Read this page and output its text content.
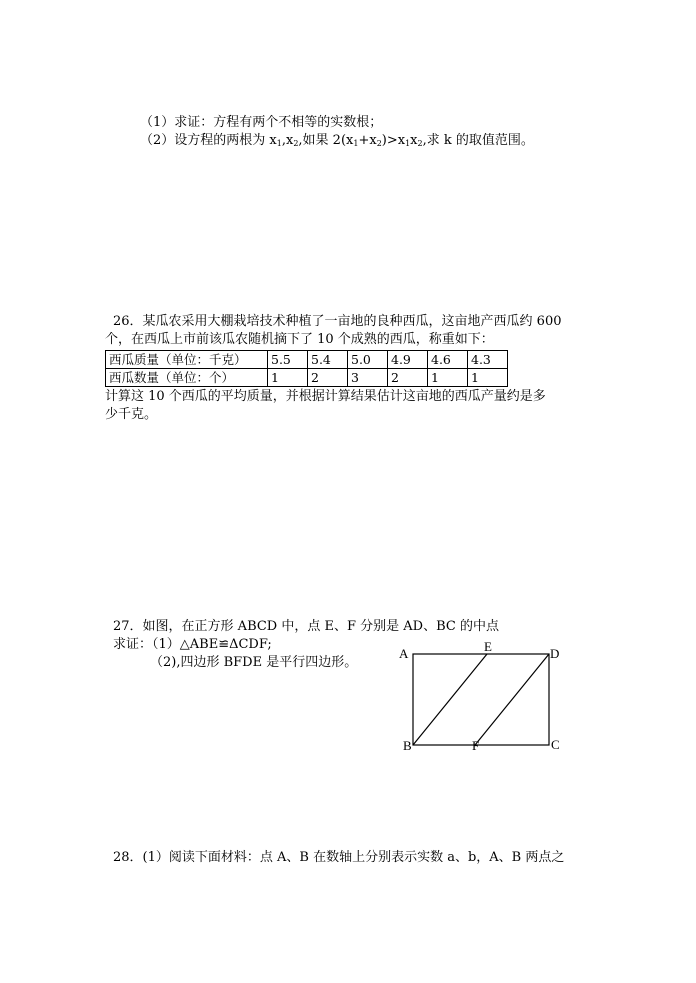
（1）求证：方程有两个不相等的实数根；
（2）设方程的两根为 $x_1,x_2$,如果 $2(x_1+x_2)>x_1x_2$,求 k 的取值范围。
26．某瓜农采用大棚栽培技术种植了一亩地的良种西瓜，这亩地产西瓜约 600
个，在西瓜上市前该瓜农随机摘下了 10 个成熟的西瓜，称重如下：
西瓜质量（单位：千克）	5.5	5.4	5.0	4.9	4.6	4.3
西瓜数量（单位：个）	1	2	3	2	1	1
计算这 10 个西瓜的平均质量，并根据计算结果估计这亩地的西瓜产量约是多
少千克。
27．如图，在正方形 ABCD 中，点 E、F 分别是 AD、BC 的中点
求证：（1）△ABE≌ΔCDF;
（2),四边形 BFDE 是平行四边形。
A	E	D
B	F	C
28．(1）阅读下面材料：点 A、B 在数轴上分别表示实数 a、b，A、B 两点之
